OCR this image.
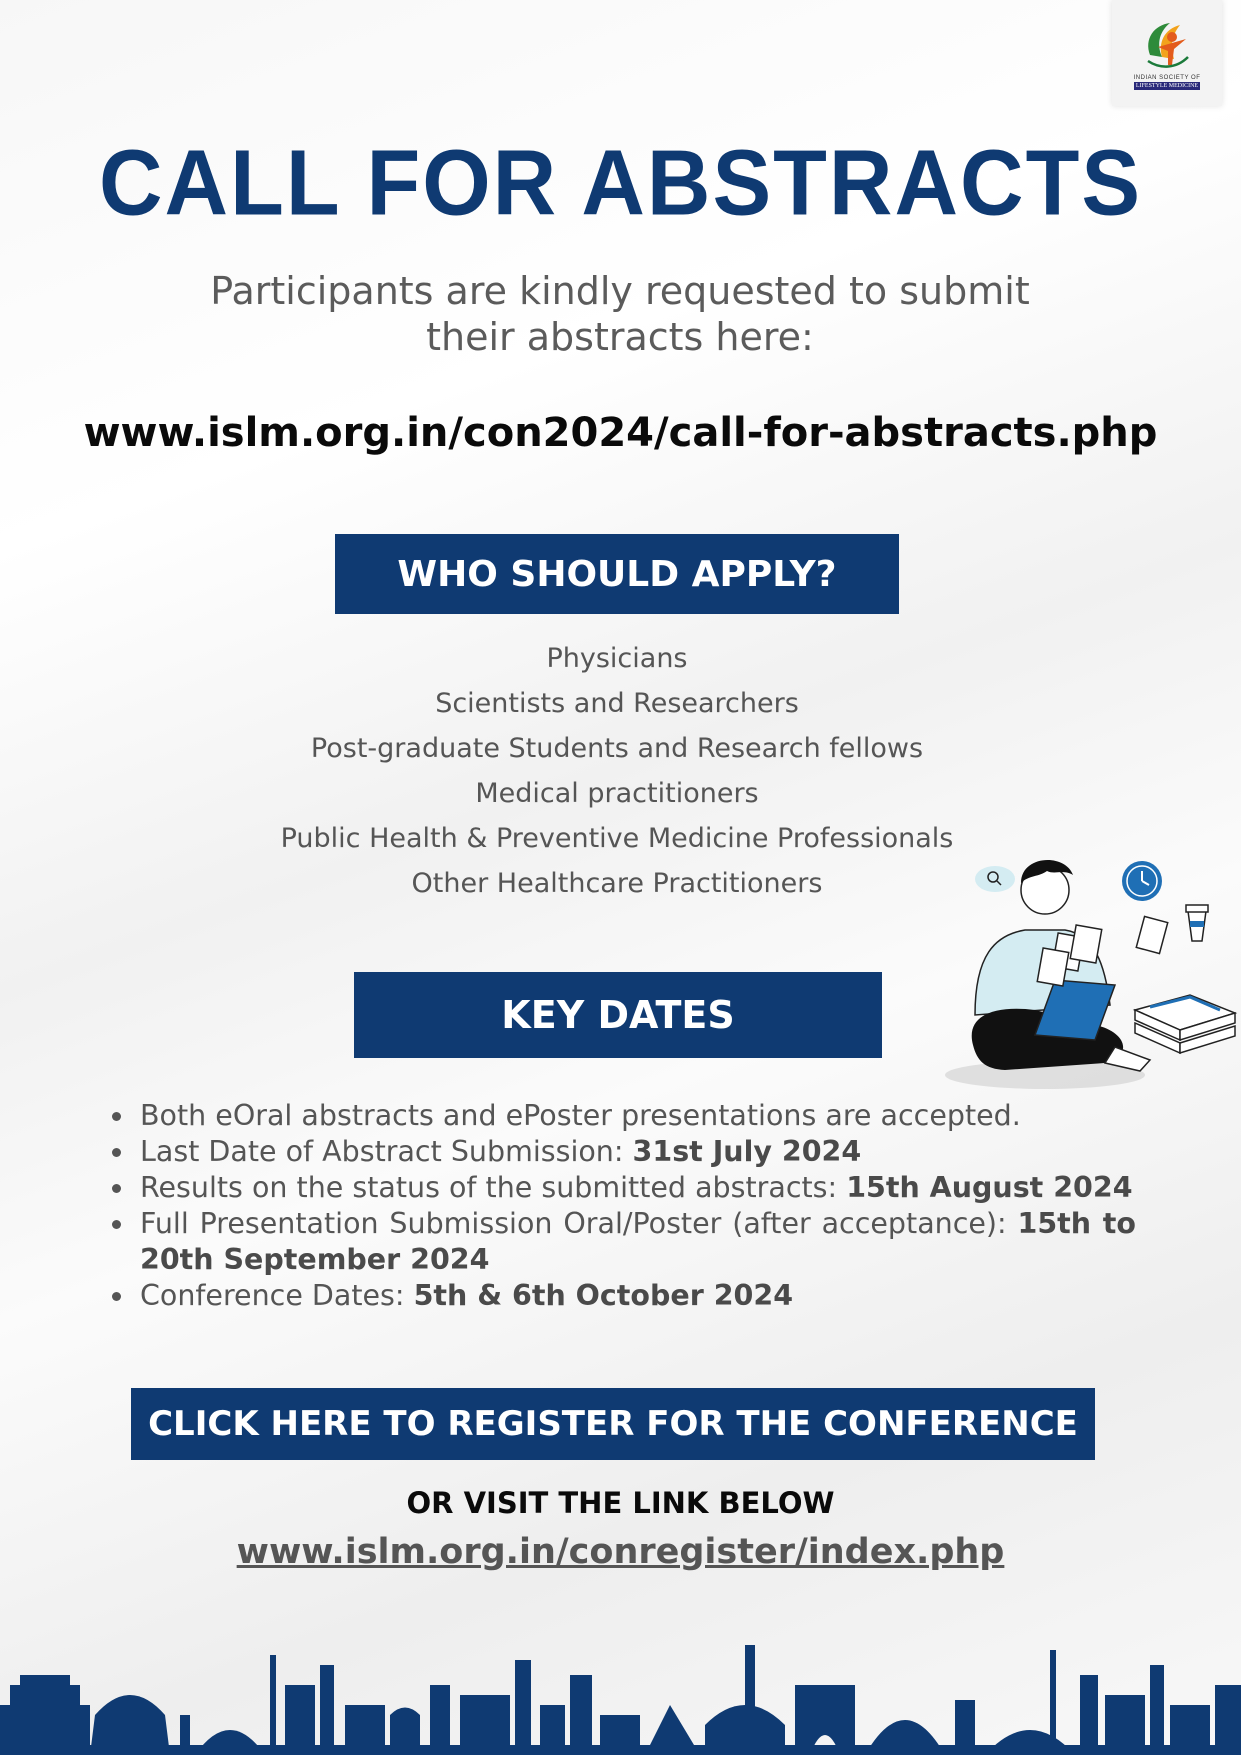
INDIAN SOCIETY OF
LIFESTYLE MEDICINE
CALL FOR ABSTRACTS

Participants are kindly requested to submit their abstracts here:

www.islm.org.in/con2024/call-for-abstracts.php
WHO SHOULD APPLY?
Physicians
Scientists and Researchers
Post-graduate Students and Research fellows
Medical practitioners
Public Health & Preventive Medicine Professionals
Other Healthcare Practitioners
KEY DATES
Both eOral abstracts and ePoster presentations are accepted.
Last Date of Abstract Submission: 31st July 2024
Results on the status of the submitted abstracts: 15th August 2024
Full Presentation Submission Oral/Poster (after acceptance): 15th to 20th September 2024
Conference Dates: 5th & 6th October 2024
CLICK HERE TO REGISTER FOR THE CONFERENCE
OR VISIT THE LINK BELOW
www.islm.org.in/conregister/index.php
